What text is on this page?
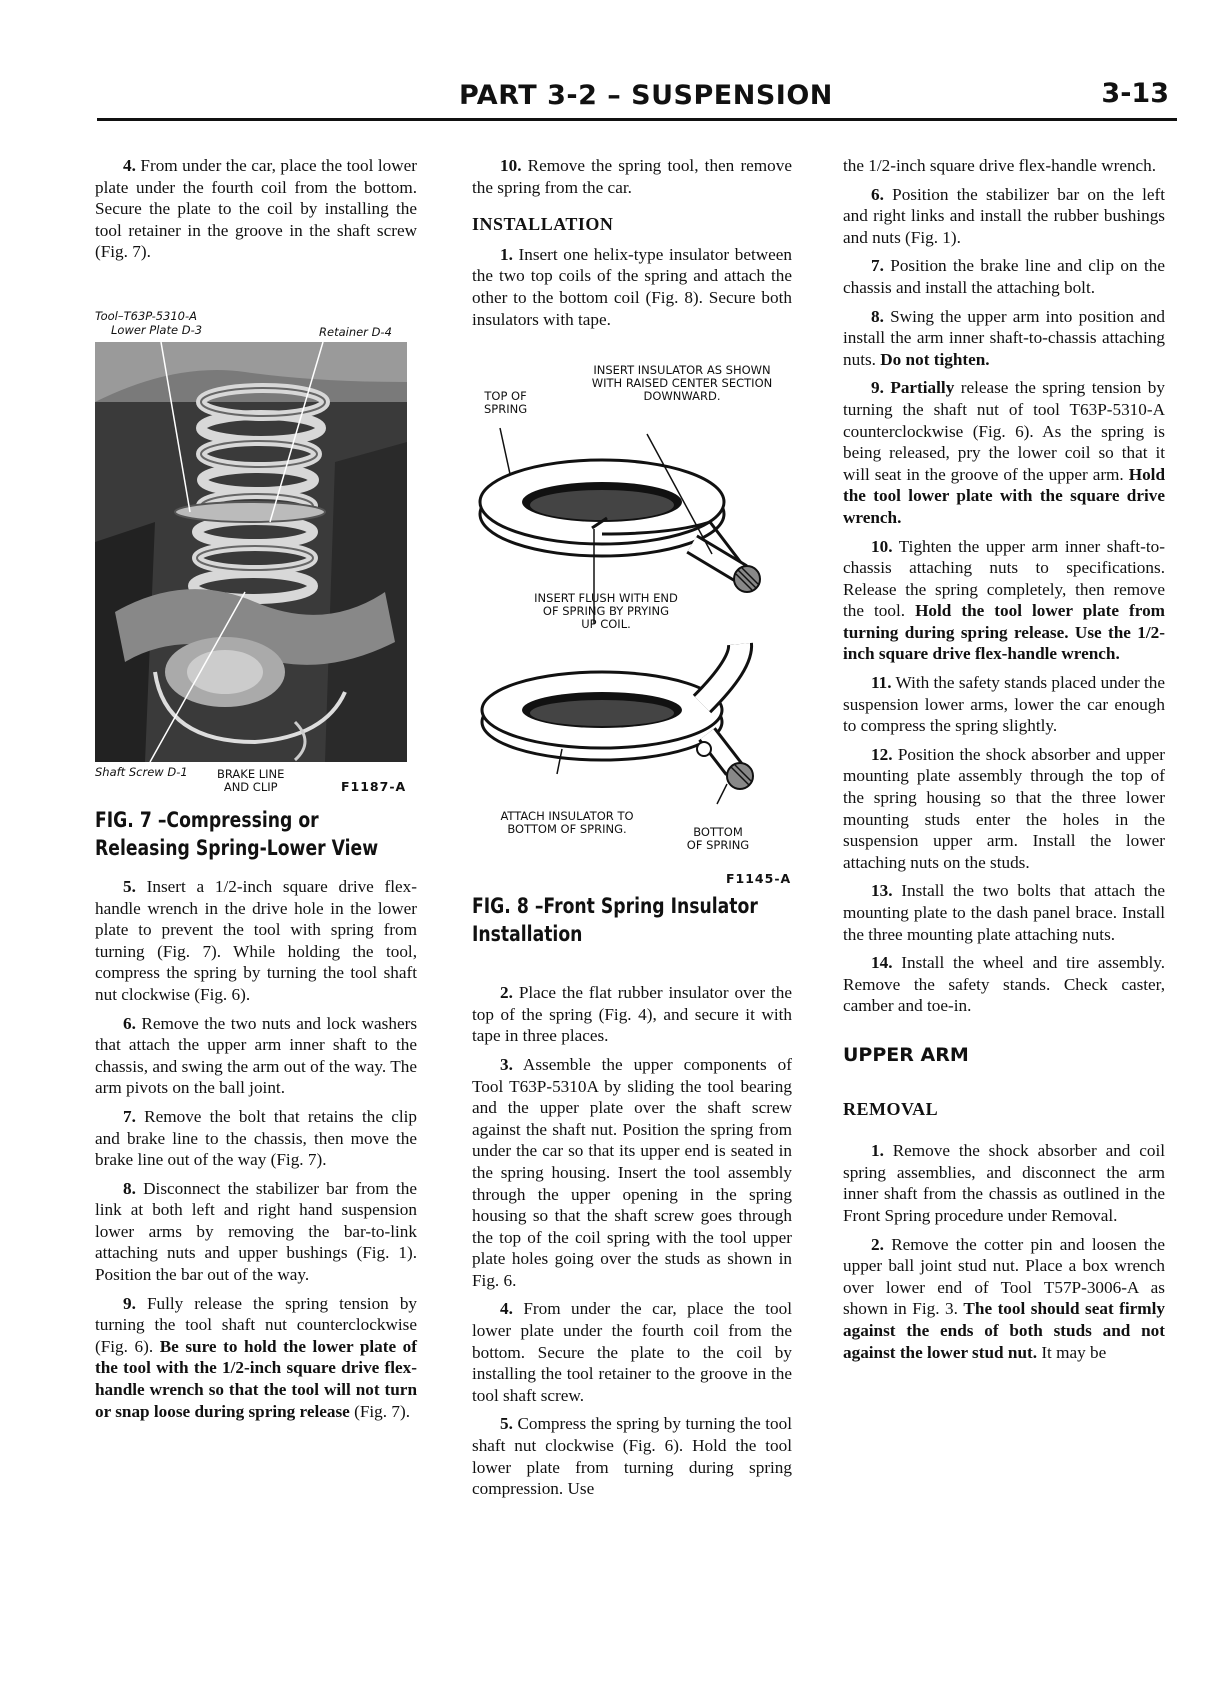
PART 3-2 – SUSPENSION	3-13

4. From under the car, place the tool lower plate under the fourth coil from the bottom. Secure the plate to the coil by installing the tool retainer in the groove in the shaft screw (Fig. 7).

Tool–T63P-5310-A
Lower Plate D-3	Retainer D-4
Shaft Screw D-1	BRAKE LINE
AND CLIP	F1187-A
FIG. 7 –Compressing or
Releasing Spring-Lower View

5. Insert a 1/2-inch square drive flex-handle wrench in the drive hole in the lower plate to prevent the tool with spring from turning (Fig. 7). While holding the tool, compress the spring by turning the tool shaft nut clockwise (Fig. 6).

6. Remove the two nuts and lock washers that attach the upper arm inner shaft to the chassis, and swing the arm out of the way. The arm pivots on the ball joint.

7. Remove the bolt that retains the clip and brake line to the chassis, then move the brake line out of the way (Fig. 7).

8. Disconnect the stabilizer bar from the link at both left and right hand suspension lower arms by removing the bar-to-link attaching nuts and upper bushings (Fig. 1). Position the bar out of the way.

9. Fully release the spring tension by turning the tool shaft nut counterclockwise (Fig. 6). Be sure to hold the lower plate of the tool with the 1/2-inch square drive flex-handle wrench so that the tool will not turn or snap loose during spring release (Fig. 7).

10. Remove the spring tool, then remove the spring from the car.

INSTALLATION

1. Insert one helix-type insulator between the two top coils of the spring and attach the other to the bottom coil (Fig. 8). Secure both insulators with tape.

INSERT INSULATOR AS SHOWN
WITH RAISED CENTER SECTION
DOWNWARD.
TOP OF
SPRING
INSERT FLUSH WITH END
OF SPRING BY PRYING
UP COIL.
ATTACH INSULATOR TO
BOTTOM OF SPRING.	BOTTOM
OF SPRING
F1145-A
FIG. 8 –Front Spring Insulator
Installation

2. Place the flat rubber insulator over the top of the spring (Fig. 4), and secure it with tape in three places.

3. Assemble the upper components of Tool T63P-5310A by sliding the tool bearing and the upper plate over the shaft screw against the shaft nut. Position the spring from under the car so that its upper end is seated in the spring housing. Insert the tool assembly through the upper opening in the spring housing so that the shaft screw goes through the top of the coil spring with the tool upper plate holes going over the studs as shown in Fig. 6.

4. From under the car, place the tool lower plate under the fourth coil from the bottom. Secure the plate to the coil by installing the tool retainer to the groove in the tool shaft screw.

5. Compress the spring by turning the tool shaft nut clockwise (Fig. 6). Hold the tool lower plate from turning during spring compression. Use

the 1/2-inch square drive flex-handle wrench.

6. Position the stabilizer bar on the left and right links and install the rubber bushings and nuts (Fig. 1).

7. Position the brake line and clip on the chassis and install the attaching bolt.

8. Swing the upper arm into position and install the arm inner shaft-to-chassis attaching nuts. Do not tighten.

9. Partially release the spring tension by turning the shaft nut of tool T63P-5310-A counterclockwise (Fig. 6). As the spring is being released, pry the lower coil so that it will seat in the groove of the upper arm. Hold the tool lower plate with the square drive wrench.

10. Tighten the upper arm inner shaft-to-chassis attaching nuts to specifications. Release the spring completely, then remove the tool. Hold the tool lower plate from turning during spring release. Use the 1/2-inch square drive flex-handle wrench.

11. With the safety stands placed under the suspension lower arms, lower the car enough to compress the spring slightly.

12. Position the shock absorber and upper mounting plate assembly through the top of the spring housing so that the three lower mounting studs enter the holes in the suspension upper arm. Install the lower attaching nuts on the studs.

13. Install the two bolts that attach the mounting plate to the dash panel brace. Install the three mounting plate attaching nuts.

14. Install the wheel and tire assembly. Remove the safety stands. Check caster, camber and toe-in.

UPPER ARM
REMOVAL

1. Remove the shock absorber and coil spring assemblies, and disconnect the arm inner shaft from the chassis as outlined in the Front Spring procedure under Removal.

2. Remove the cotter pin and loosen the upper ball joint stud nut. Place a box wrench over lower end of Tool T57P-3006-A as shown in Fig. 3. The tool should seat firmly against the ends of both studs and not against the lower stud nut. It may be
